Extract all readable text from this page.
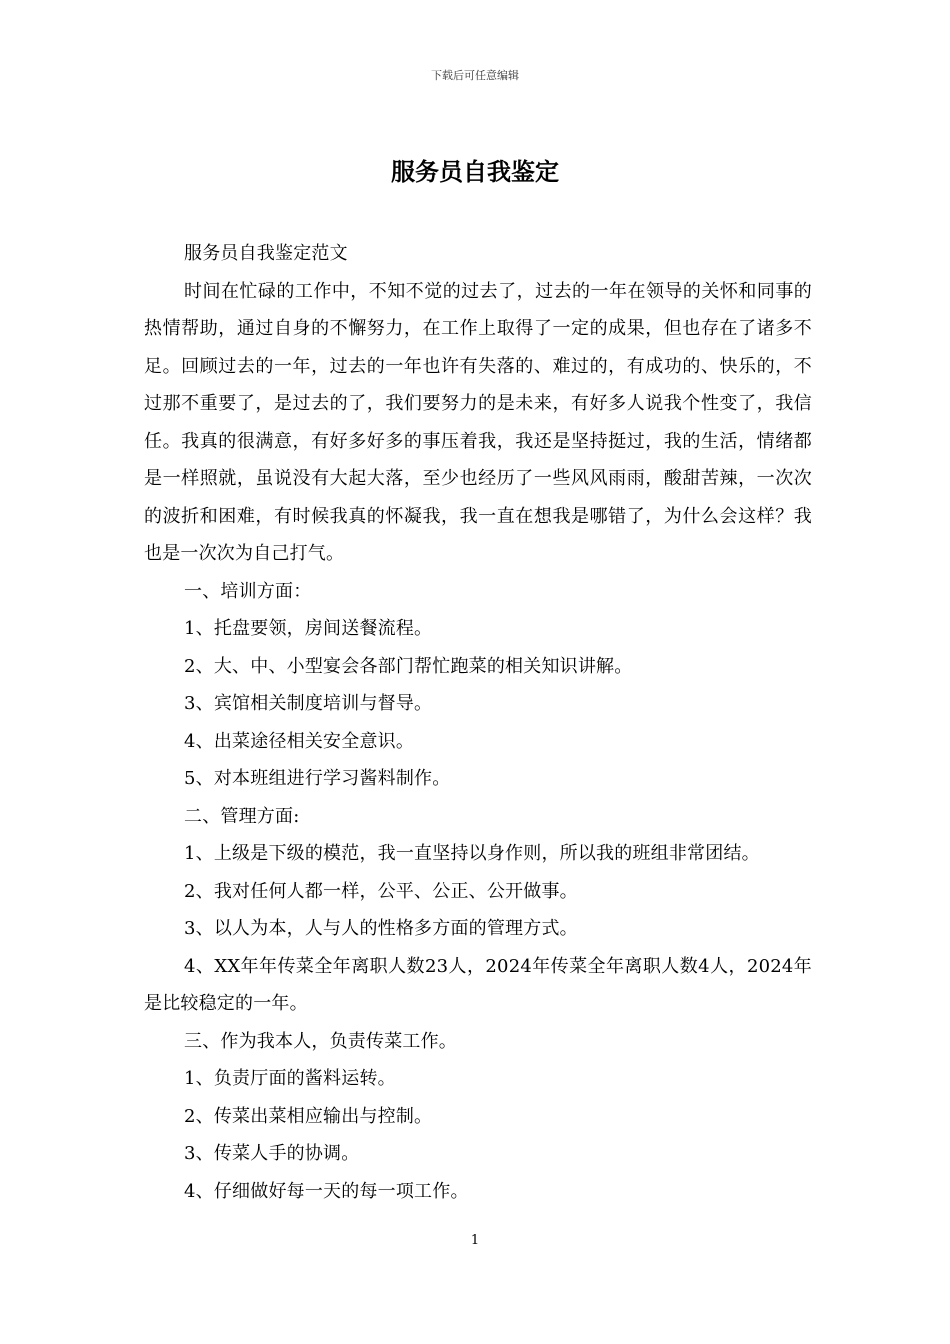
下载后可任意编辑
服务员自我鉴定

服务员自我鉴定范文

时间在忙碌的工作中，不知不觉的过去了，过去的一年在领导的关怀和同事的热情帮助，通过自身的不懈努力，在工作上取得了一定的成果，但也存在了诸多不足。回顾过去的一年，过去的一年也许有失落的、难过的，有成功的、快乐的，不过那不重要了，是过去的了，我们要努力的是未来，有好多人说我个性变了，我信任。我真的很满意，有好多好多的事压着我，我还是坚持挺过，我的生活，情绪都是一样照就，虽说没有大起大落，至少也经历了一些风风雨雨，酸甜苦辣，一次次的波折和困难，有时候我真的怀凝我，我一直在想我是哪错了，为什么会这样？我也是一次次为自己打气。

一、培训方面：

1、托盘要领，房间送餐流程。

2、大、中、小型宴会各部门帮忙跑菜的相关知识讲解。

3、宾馆相关制度培训与督导。

4、出菜途径相关安全意识。

5、对本班组进行学习酱料制作。

二、管理方面:

1、上级是下级的模范，我一直坚持以身作则，所以我的班组非常团结。

2、我对任何人都一样，公平、公正、公开做事。

3、以人为本，人与人的性格多方面的管理方式。

4、XX年年传菜全年离职人数23人，2024年传菜全年离职人数4人，2024年是比较稳定的一年。

三、作为我本人，负责传菜工作。

1、负责厅面的酱料运转。

2、传菜出菜相应输出与控制。

3、传菜人手的协调。

4、仔细做好每一天的每一项工作。

1
